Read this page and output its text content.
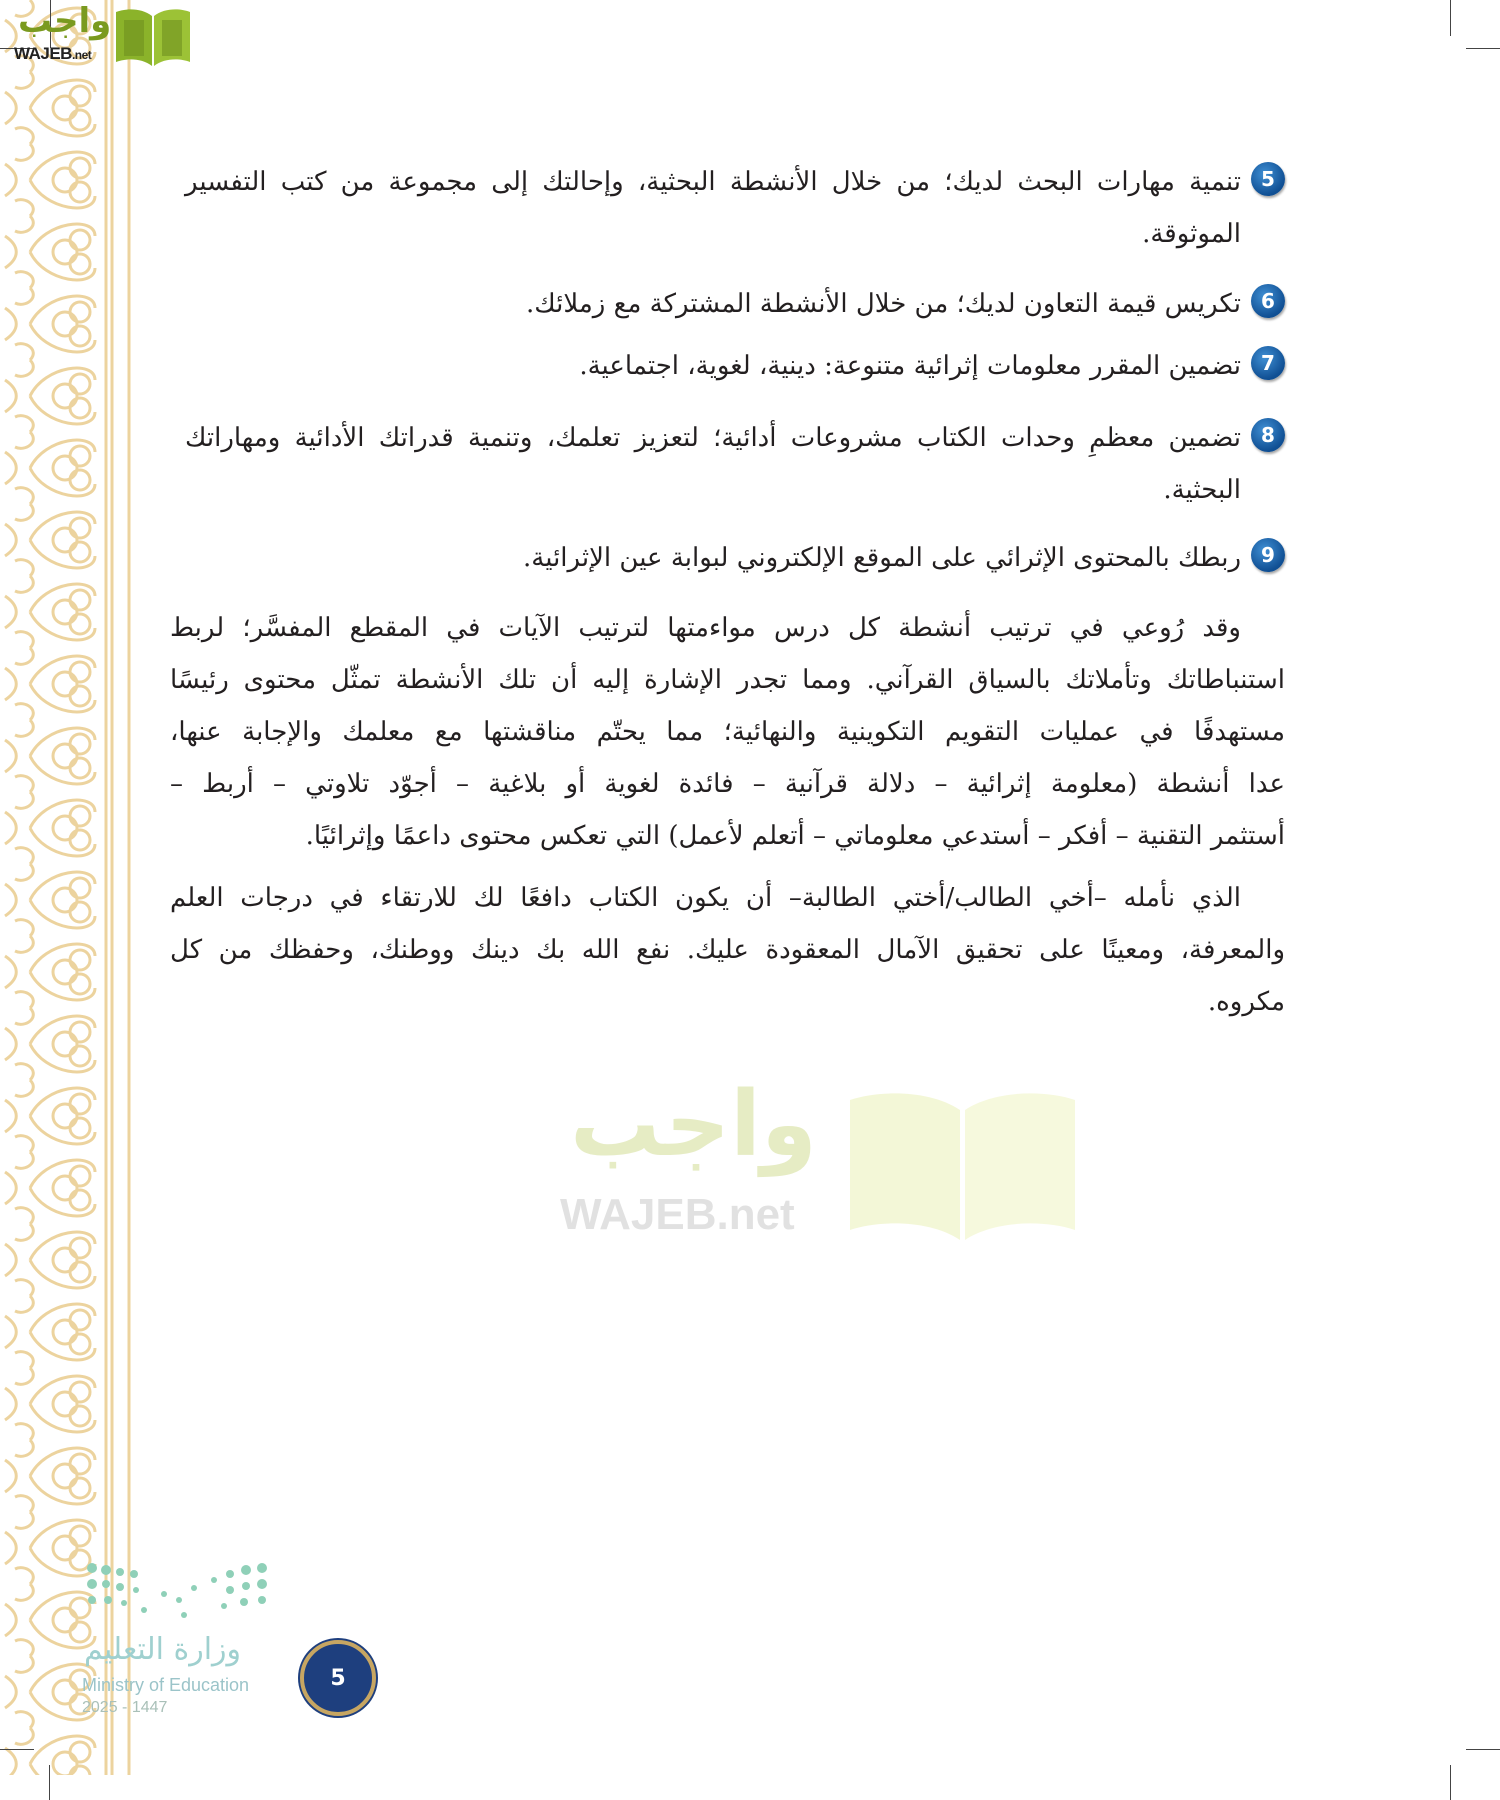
واجب
WAJEB.net
واجب
WAJEB.net
5
تنمية مهارات البحث لديك؛ من خلال الأنشطة البحثية، وإحالتك إلى مجموعة من كتب التفسير
الموثوقة.
6
تكريس قيمة التعاون لديك؛ من خلال الأنشطة المشتركة مع زملائك.
7
تضمين المقرر معلومات إثرائية متنوعة: دينية، لغوية، اجتماعية.
8
تضمين معظمِ وحدات الكتاب مشروعات أدائية؛ لتعزيز تعلمك، وتنمية قدراتك الأدائية ومهاراتك
البحثية.
9
ربطك بالمحتوى الإثرائي على الموقع الإلكتروني لبوابة عين الإثرائية.
وقد رُوعي في ترتيب أنشطة كل درس مواءمتها لترتيب الآيات في المقطع المفسَّر؛ لربط
استنباطاتك وتأملاتك بالسياق القرآني. ومما تجدر الإشارة إليه أن تلك الأنشطة تمثّل محتوى رئيسًا
مستهدفًا في عمليات التقويم التكوينية والنهائية؛ مما يحتّم مناقشتها مع معلمك والإجابة عنها،
عدا أنشطة (معلومة إثرائية – دلالة قرآنية – فائدة لغوية أو بلاغية – أجوّد تلاوتي – أربط –
أستثمر التقنية – أفكر – أستدعي معلوماتي – أتعلم لأعمل) التي تعكس محتوى داعمًا وإثرائيًا.
الذي نأمله –أخي الطالب/أختي الطالبة– أن يكون الكتاب دافعًا لك للارتقاء في درجات العلم
والمعرفة، ومعينًا على تحقيق الآمال المعقودة عليك. نفع الله بك دينك ووطنك، وحفظك من كل
مكروه.
وزارة التعليم
Ministry of Education
2025 - 1447
5
